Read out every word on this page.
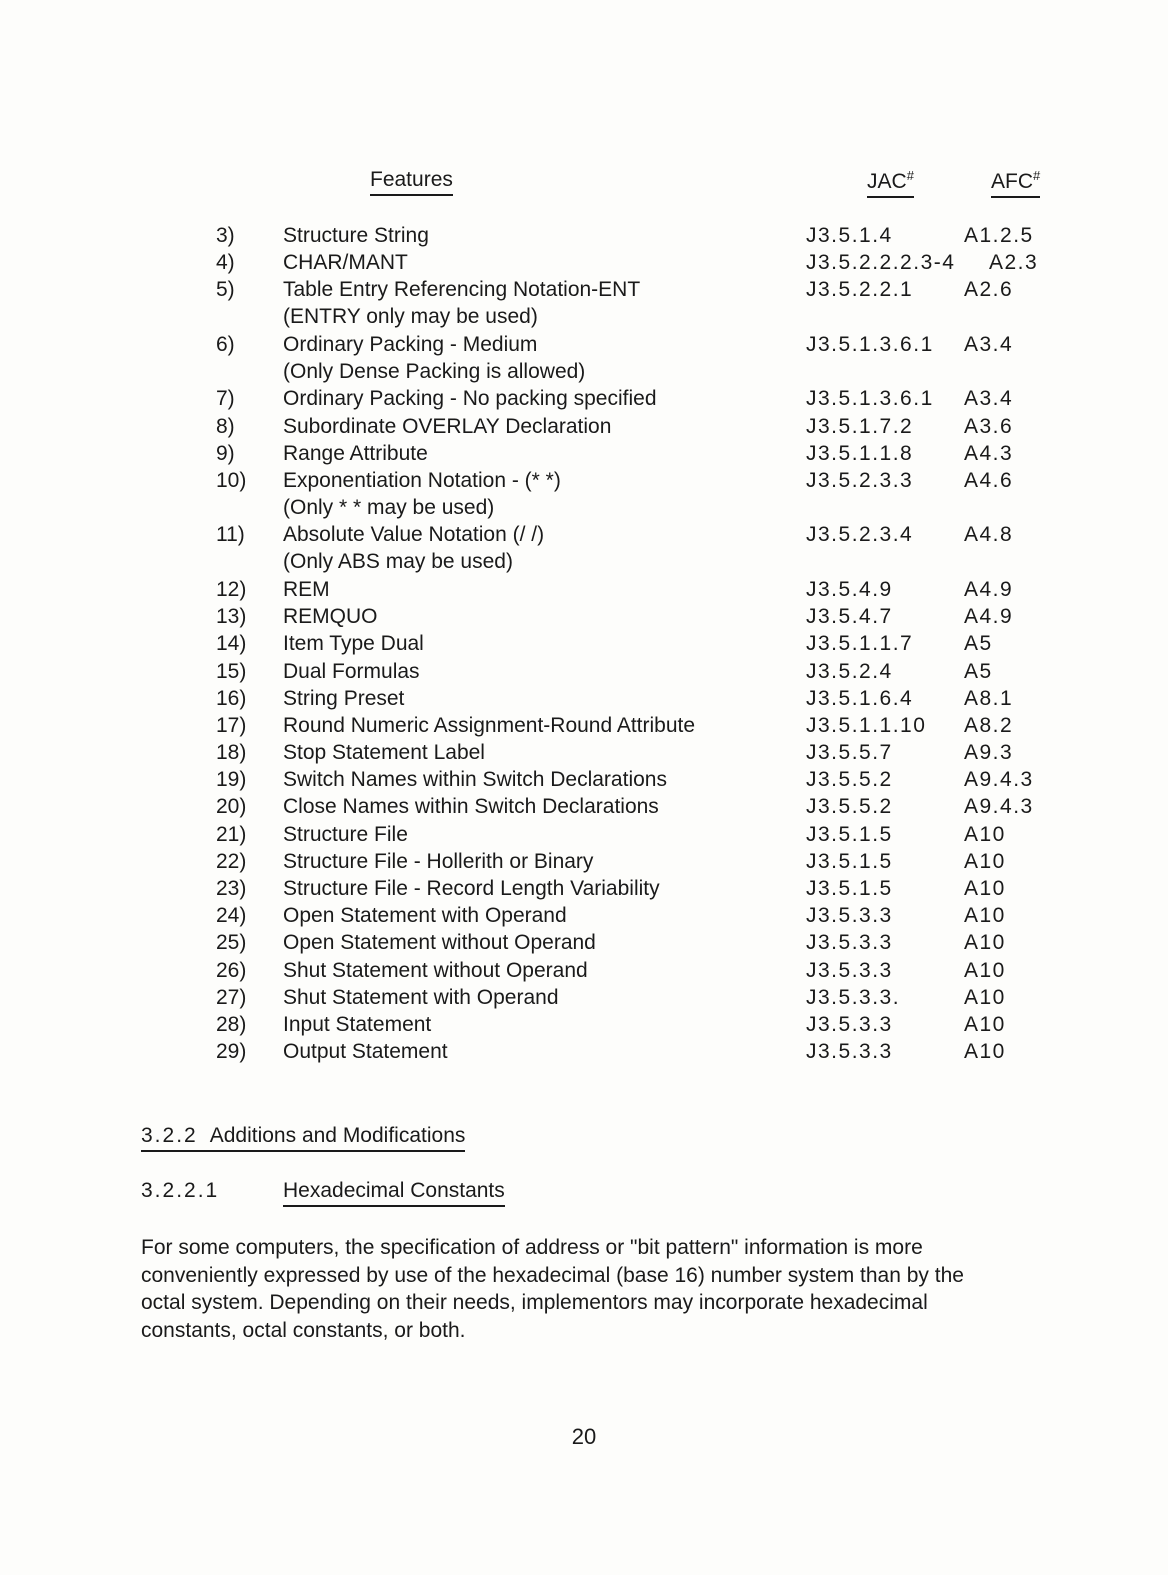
Features	JAC#	AFC#
3)	Structure String	J3.5.1.4	A1.2.5
4)	CHAR/MANT	J3.5.2.2.2.3-4 A2.3
5)	Table Entry Referencing Notation-ENT
(ENTRY only may be used)
J3.5.2.2.1 A2.6
6)	Ordinary Packing - Medium
(Only Dense Packing is allowed)
J3.5.1.3.6.1 A3.4
7)	Ordinary Packing - No packing specified	J3.5.1.3.6.1 A3.4
8)	Subordinate OVERLAY Declaration	J3.5.1.7.2 A3.6
9)	Range Attribute	J3.5.1.1.8 A4.3
10)	Exponentiation Notation - (* *)
(Only * * may be used)
J3.5.2.3.3 A4.6
11)	Absolute Value Notation (/ /)
(Only ABS may be used)
J3.5.2.3.4 A4.8
12)	REM	J3.5.4.9	A4.9
13)	REMQUO	J3.5.4.7	A4.9
14)	Item Type Dual	J3.5.1.1.7 A5
15)	Dual Formulas	J3.5.2.4	A5
16)	String Preset	J3.5.1.6.4 A8.1
17)	Round Numeric Assignment-Round Attribute	J3.5.1.1.10 A8.2
18)	Stop Statement Label	J3.5.5.7	A9.3
19)	Switch Names within Switch Declarations	J3.5.5.2	A9.4.3
20)	Close Names within Switch Declarations	J3.5.5.2	A9.4.3
21)	Structure File	J3.5.1.5	A10
22)	Structure File - Hollerith or Binary	J3.5.1.5	A10
23)	Structure File - Record Length Variability	J3.5.1.5	A10
24)	Open Statement with Operand	J3.5.3.3	A10
25)	Open Statement without Operand	J3.5.3.3	A10
26)	Shut Statement without Operand	J3.5.3.3	A10
27)	Shut Statement with Operand	J3.5.3.3.	A10
28)	Input Statement	J3.5.3.3	A10
29)	Output Statement	J3.5.3.3	A10
3.2.2 Additions and Modifications
3.2.2.1	Hexadecimal Constants
For some computers, the specification of address or "bit pattern" information is more
conveniently expressed by use of the hexadecimal (base 16) number system than by the
octal system. Depending on their needs, implementors may incorporate hexadecimal
constants, octal constants, or both.
20
